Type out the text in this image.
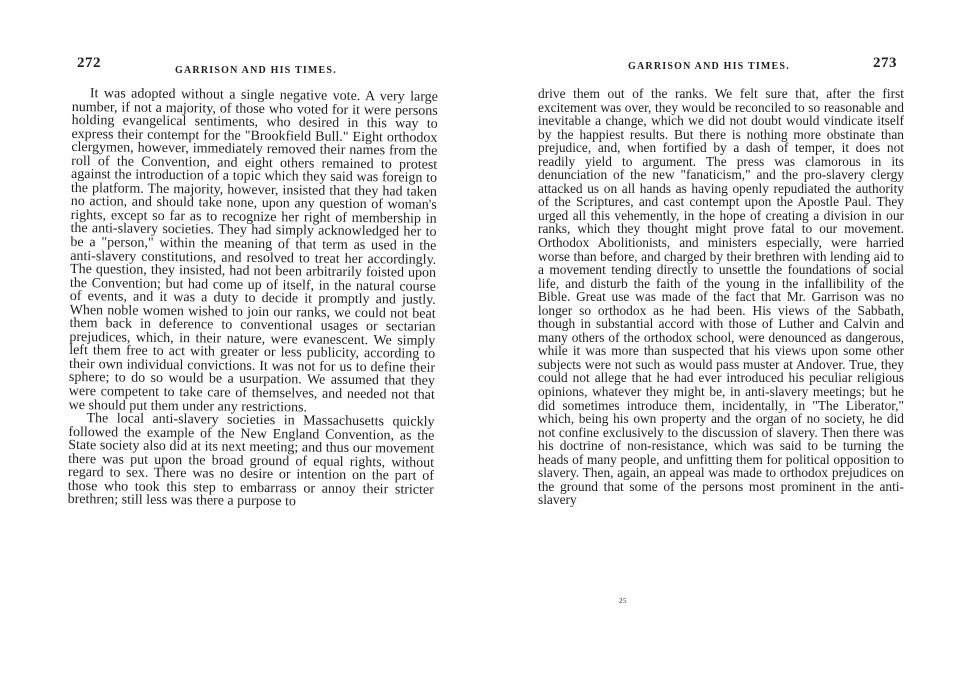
272	GARRISON AND HIS TIMES.

It was adopted without a single negative vote. A very large number, if not a majority, of those who voted for it were persons holding evangelical sentiments, who desired in this way to express their contempt for the "Brookfield Bull." Eight orthodox clergymen, however, immediately removed their names from the roll of the Convention, and eight others remained to protest against the introduction of a topic which they said was foreign to the platform. The majority, however, insisted that they had taken no action, and should take none, upon any question of woman's rights, except so far as to recognize her right of membership in the anti-slavery societies. They had simply acknowledged her to be a "person," within the meaning of that term as used in the anti-slavery constitutions, and resolved to treat her accordingly. The question, they insisted, had not been arbitrarily foisted upon the Convention; but had come up of itself, in the natural course of events, and it was a duty to decide it promptly and justly. When noble women wished to join our ranks, we could not beat them back in deference to conventional usages or sectarian prejudices, which, in their nature, were evanescent. We simply left them free to act with greater or less publicity, according to their own individual convictions. It was not for us to define their sphere; to do so would be a usurpation. We assumed that they were competent to take care of themselves, and needed not that we should put them under any restrictions.

The local anti-slavery societies in Massachusetts quickly followed the example of the New England Convention, as the State society also did at its next meeting; and thus our movement there was put upon the broad ground of equal rights, without regard to sex. There was no desire or intention on the part of those who took this step to embarrass or annoy their stricter brethren; still less was there a purpose to

273
GARRISON AND HIS TIMES.

drive them out of the ranks. We felt sure that, after the first excitement was over, they would be reconciled to so reasonable and inevitable a change, which we did not doubt would vindicate itself by the happiest results. But there is nothing more obstinate than prejudice, and, when fortified by a dash of temper, it does not readily yield to argument. The press was clamorous in its denunciation of the new "fanaticism," and the pro-slavery clergy attacked us on all hands as having openly repudiated the authority of the Scriptures, and cast contempt upon the Apostle Paul. They urged all this vehemently, in the hope of creating a division in our ranks, which they thought might prove fatal to our movement. Orthodox Abolitionists, and ministers especially, were harried worse than before, and charged by their brethren with lending aid to a movement tending directly to unsettle the foundations of social life, and disturb the faith of the young in the infallibility of the Bible. Great use was made of the fact that Mr. Garrison was no longer so orthodox as he had been. His views of the Sabbath, though in substantial accord with those of Luther and Calvin and many others of the orthodox school, were denounced as dangerous, while it was more than suspected that his views upon some other subjects were not such as would pass muster at Andover. True, they could not allege that he had ever introduced his peculiar religious opinions, whatever they might be, in anti-slavery meetings; but he did sometimes introduce them, incidentally, in "The Liberator," which, being his own property and the organ of no society, he did not confine exclusively to the discussion of slavery. Then there was his doctrine of non-resistance, which was said to be turning the heads of many people, and unfitting them for political opposition to slavery. Then, again, an appeal was made to orthodox prejudices on the ground that some of the persons most prominent in the anti-slavery

25
